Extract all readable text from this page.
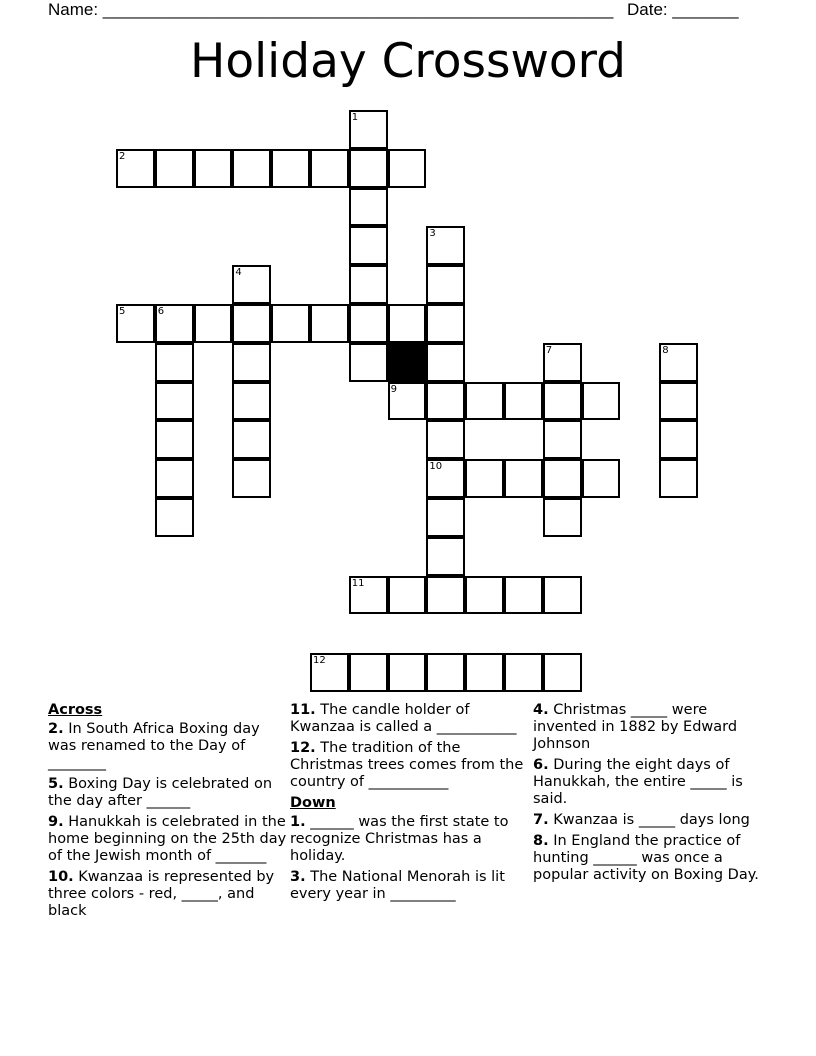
Name: ______________________________________________________ Date: _______
Holiday Crossword
1
2
3
10
4
5	6
7	8
9
11
12
Across
2. In South Africa Boxing day was renamed to the Day of ________
5. Boxing Day is celebrated on the day after ______
9. Hanukkah is celebrated in the home beginning on the 25th day of the Jewish month of _______
10. Kwanzaa is represented by three colors - red, _____, and black
11. The candle holder of Kwanzaa is called a ___________
12. The tradition of the Christmas trees comes from the country of ___________
Down
1. ______ was the first state to recognize Christmas has a holiday.
3. The National Menorah is lit every year in _________
4. Christmas _____ were invented in 1882 by Edward Johnson
6. During the eight days of Hanukkah, the entire _____ is said.
7. Kwanzaa is _____ days long
8. In England the practice of hunting ______ was once a popular activity on Boxing Day.
